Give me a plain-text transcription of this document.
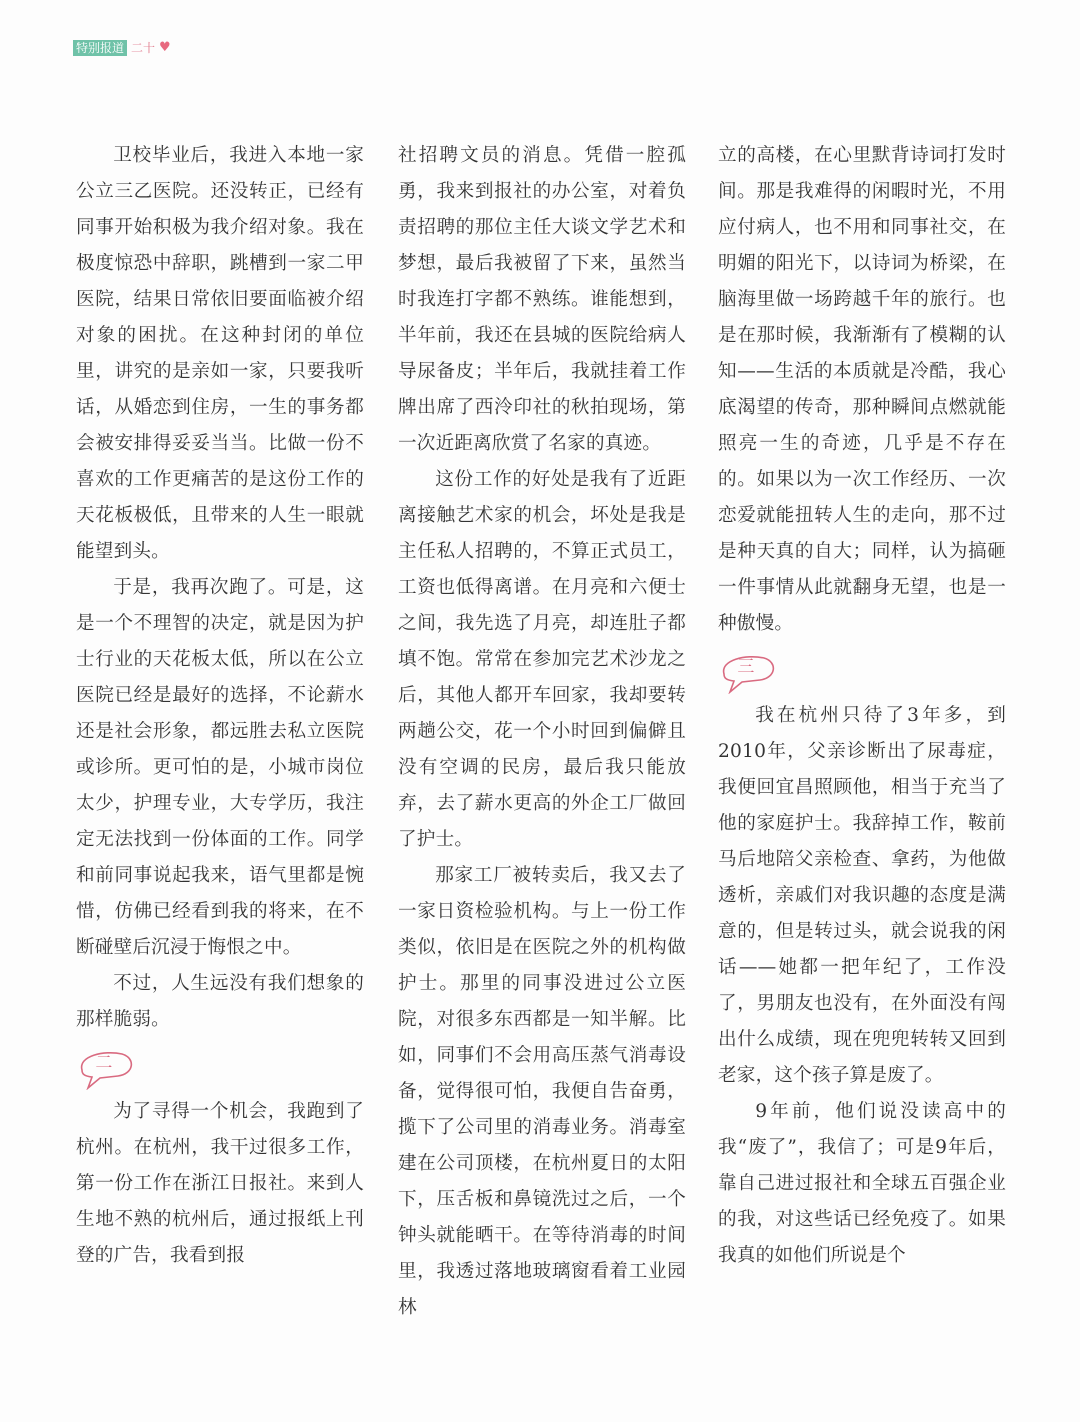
特别报道 二十 ♥

卫校毕业后，我进入本地一家公立三乙医院。还没转正，已经有同事开始积极为我介绍对象。我在极度惊恐中辞职，跳槽到一家二甲医院，结果日常依旧要面临被介绍对象的困扰。在这种封闭的单位里，讲究的是亲如一家，只要我听话，从婚恋到住房，一生的事务都会被安排得妥妥当当。比做一份不喜欢的工作更痛苦的是这份工作的天花板极低，且带来的人生一眼就能望到头。

于是，我再次跑了。可是，这是一个不理智的决定，就是因为护士行业的天花板太低，所以在公立医院已经是最好的选择，不论薪水还是社会形象，都远胜去私立医院或诊所。更可怕的是，小城市岗位太少，护理专业，大专学历，我注定无法找到一份体面的工作。同学和前同事说起我来，语气里都是惋惜，仿佛已经看到我的将来，在不断碰壁后沉浸于悔恨之中。

不过，人生远没有我们想象的那样脆弱。

二

为了寻得一个机会，我跑到了杭州。在杭州，我干过很多工作，第一份工作在浙江日报社。来到人生地不熟的杭州后，通过报纸上刊登的广告，我看到报

社招聘文员的消息。凭借一腔孤勇，我来到报社的办公室，对着负责招聘的那位主任大谈文学艺术和梦想，最后我被留了下来，虽然当时我连打字都不熟练。谁能想到，半年前，我还在县城的医院给病人导尿备皮；半年后，我就挂着工作牌出席了西泠印社的秋拍现场，第一次近距离欣赏了名家的真迹。

这份工作的好处是我有了近距离接触艺术家的机会，坏处是我是主任私人招聘的，不算正式员工，工资也低得离谱。在月亮和六便士之间，我先选了月亮，却连肚子都填不饱。常常在参加完艺术沙龙之后，其他人都开车回家，我却要转两趟公交，花一个小时回到偏僻且没有空调的民房，最后我只能放弃，去了薪水更高的外企工厂做回了护士。

那家工厂被转卖后，我又去了一家日资检验机构。与上一份工作类似，依旧是在医院之外的机构做护士。那里的同事没进过公立医院，对很多东西都是一知半解。比如，同事们不会用高压蒸气消毒设备，觉得很可怕，我便自告奋勇，揽下了公司里的消毒业务。消毒室建在公司顶楼，在杭州夏日的太阳下，压舌板和鼻镜洗过之后，一个钟头就能晒干。在等待消毒的时间里，我透过落地玻璃窗看着工业园林

立的高楼，在心里默背诗词打发时间。那是我难得的闲暇时光，不用应付病人，也不用和同事社交，在明媚的阳光下，以诗词为桥梁，在脑海里做一场跨越千年的旅行。也是在那时候，我渐渐有了模糊的认知——生活的本质就是冷酷，我心底渴望的传奇，那种瞬间点燃就能照亮一生的奇迹，几乎是不存在的。如果以为一次工作经历、一次恋爱就能扭转人生的走向，那不过是种天真的自大；同样，认为搞砸一件事情从此就翻身无望，也是一种傲慢。

三

我在杭州只待了3年多，到2010年，父亲诊断出了尿毒症，我便回宜昌照顾他，相当于充当了他的家庭护士。我辞掉工作，鞍前马后地陪父亲检查、拿药，为他做透析，亲戚们对我识趣的态度是满意的，但是转过头，就会说我的闲话——她都一把年纪了，工作没了，男朋友也没有，在外面没有闯出什么成绩，现在兜兜转转又回到老家，这个孩子算是废了。

9年前，他们说没读高中的我“废了”，我信了；可是9年后，靠自己进过报社和全球五百强企业的我，对这些话已经免疫了。如果我真的如他们所说是个
